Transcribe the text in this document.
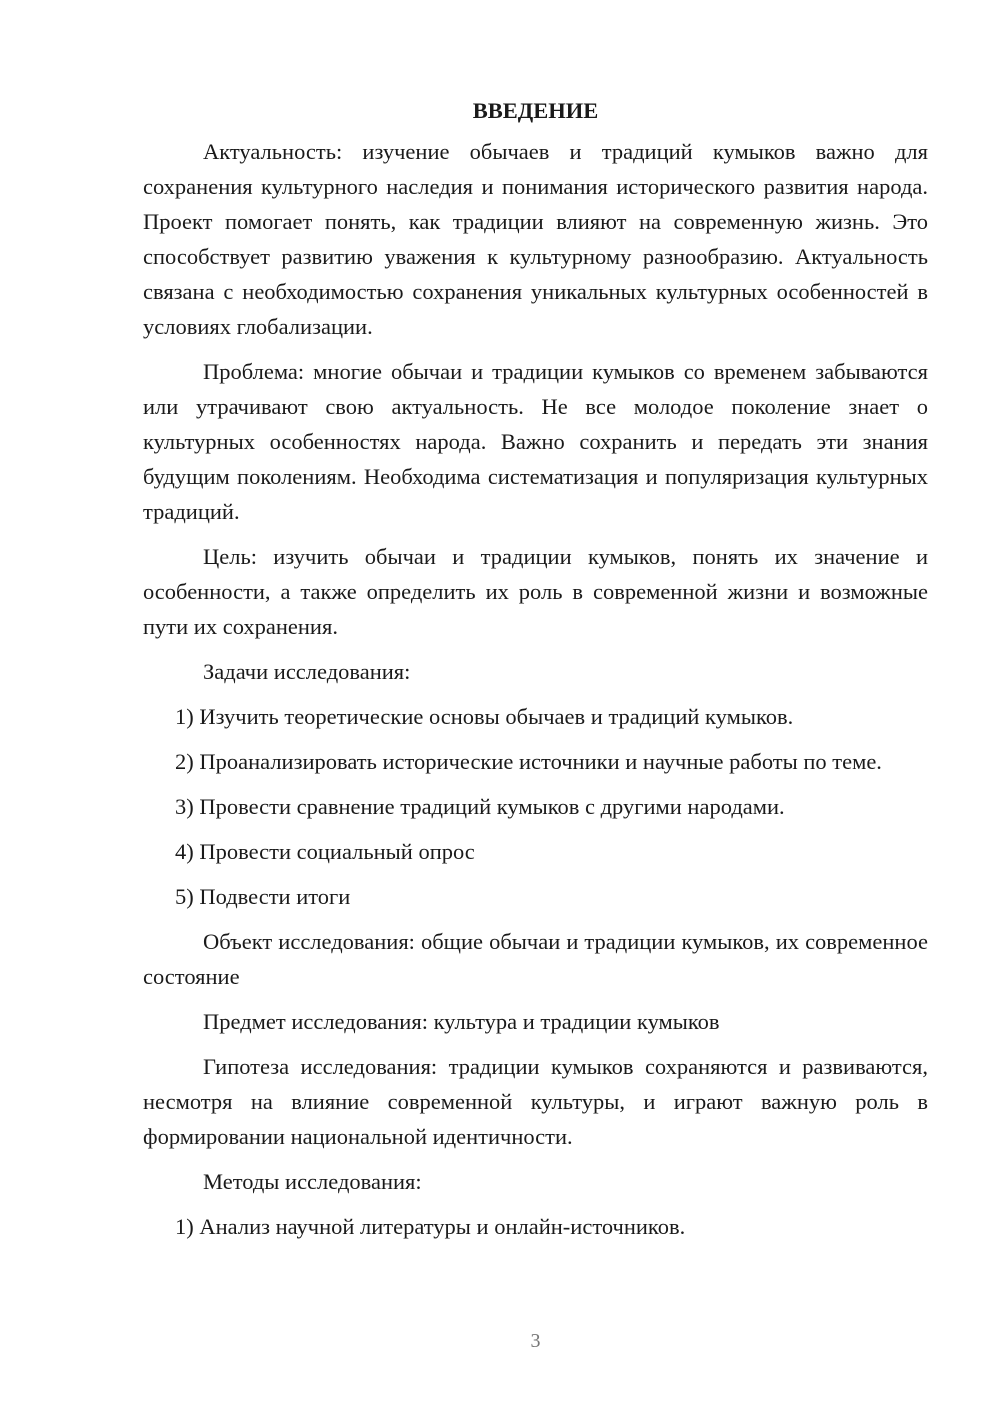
ВВЕДЕНИЕ

Актуальность: изучение обычаев и традиций кумыков важно для сохранения культурного наследия и понимания исторического развития народа. Проект помогает понять, как традиции влияют на современную жизнь. Это способствует развитию уважения к культурному разнообразию. Актуальность связана с необходимостью сохранения уникальных культурных особенностей в условиях глобализации.

Проблема: многие обычаи и традиции кумыков со временем забываются или утрачивают свою актуальность. Не все молодое поколение знает о культурных особенностях народа. Важно сохранить и передать эти знания будущим поколениям. Необходима систематизация и популяризация культурных традиций.

Цель: изучить обычаи и традиции кумыков, понять их значение и особенности, а также определить их роль в современной жизни и возможные пути их сохранения.

Задачи исследования:

1) Изучить теоретические основы обычаев и традиций кумыков.

2) Проанализировать исторические источники и научные работы по теме.

3) Провести сравнение традиций кумыков с другими народами.

4) Провести социальный опрос

5) Подвести итоги

Объект исследования: общие обычаи и традиции кумыков, их современное состояние

Предмет исследования: культура и традиции кумыков

Гипотеза исследования: традиции кумыков сохраняются и развиваются, несмотря на влияние современной культуры, и играют важную роль в формировании национальной идентичности.

Методы исследования:

1) Анализ научной литературы и онлайн-источников.

3
